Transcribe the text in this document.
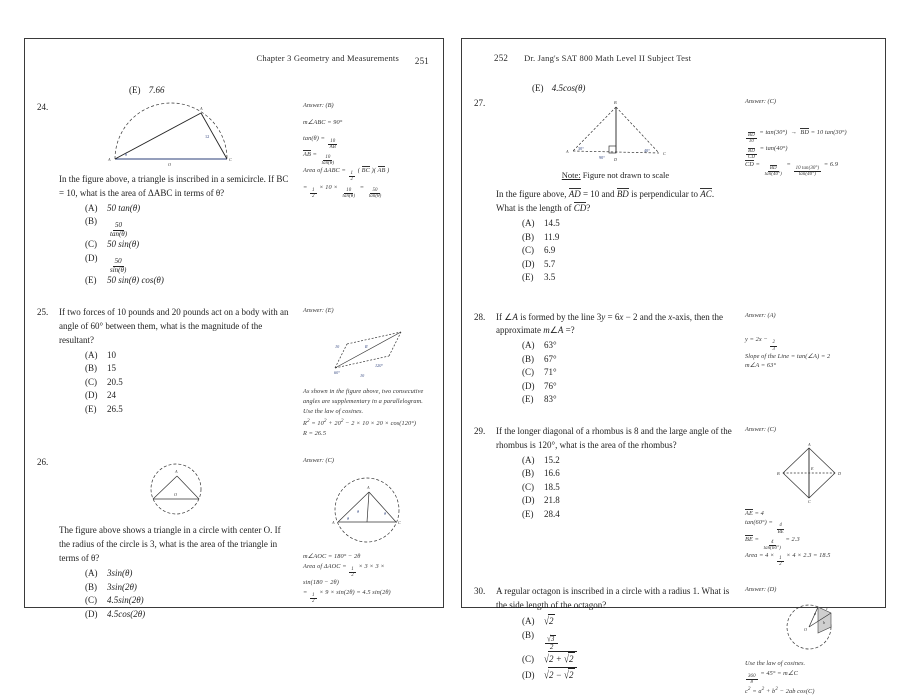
Chapter 3 Geometry and Measurements 251
(E) 7.66
24.
A
A
C
O
θ
12

In the figure above, a triangle is inscribed in a semicircle. If BC = 10, what is the area of ΔABC in terms of θ?

(A)	50 tan(θ)
(B)
$\frac{50}{\tan(\theta)}$
(C)	50 sin(θ)
(D)
$\frac{50}{\sin(\theta)}$
(E)	50 sin(θ) cos(θ)
Answer: (B)
m∠ABC = 90°
tan(θ) =
$\frac{10}{AB}$
AB =
$\frac{10}{\tan(\theta)}$
Area of ΔABC =
$\frac{1}{2}$
( BC )( AB )
=
$\frac{1}{2}$
× 10 ×
$\frac{10}{\tan(\theta)}$
=
$\frac{50}{\tan(\theta)}$
25.	If two forces of 10 pounds and 20 pounds act on a body with an angle of 60° between them, what is the magnitude of the resultant?

(A)	10
(B)	15
(C)	20.5
(D)	24
(E)	26.5
Answer: (E)
10	R
60°
120°
10
As shown in the figure above, two consecutive angles are supplementary in a parallelogram.
Use the law of cosines.
$R^2 = 10^2 + 20^2 - 2 \times 10 \times 20 \times \cos(120^\circ)$
R = 26.5
26.
A
O

The figure above shows a triangle in a circle with center O. If the radius of the circle is 3, what is the area of the triangle in terms of θ?

(A)	3sin(θ)
(B)	3sin(2θ)
(C)	4.5sin(2θ)
(D)	4.5cos(2θ)
Answer: (C)
A
A	C
θ
θ	θ
m∠AOC = 180° − 2θ
Area of ΔAOC =
$\frac{1}{2}$
× 3 × 3 ×
sin(180 − 2θ)
=
$\frac{1}{2}$
× 9 × sin(2θ) = 4.5 sin(2θ)
252 Dr. Jang's SAT 800 Math Level II Subject Test
(E) 4.5cos(θ)
27.	B
A	C
D
30°	40°
90°
Note: Figure not drawn to scale

In the figure above, AD = 10 and BD is perpendicular to AC. What is the length of CD?

(A)	14.5
(B)	11.9
(C)	6.9
(D)	5.7
(E)	3.5
Answer: (C)
$\frac{BD}{10}$
= tan(30°)  →  BD = 10 tan(30°)
$\frac{BD}{CD}$
= tan(40°)
CD =
$\frac{BD}{\tan(40^\circ)}$
=
$\frac{10 \tan(30^\circ)}{\tan(40^\circ)}$
= 6.9
28.	If ∠A is formed by the line 3y = 6x − 2 and the x-axis, then the approximate m∠A =?

(A)	63°
(B)	67°
(C)	71°
(D)	76°
(E)	83°
Answer: (A)
y = 2x −
$\frac{2}{3}$
Slope of the Line = tan(∠A) = 2
m∠A = 63°
29.	If the longer diagonal of a rhombus is 8 and the large angle of the rhombus is 120°, what is the area of the rhombus?

(A)	15.2
(B)	16.6
(C)	18.5
(D)	21.8
(E)	28.4
Answer: (C)
A
B	D
C
E
AE = 4
tan(60°) =
$\frac{4}{BE}$
BE =
$\frac{4}{\tan(60^\circ)}$
= 2.3
Area = 4 ×
$\frac{1}{2}$
× 4 × 2.3 = 18.5
30.	A regular octagon is inscribed in a circle with a radius 1. What is the side length of the octagon?

(A)	√2
(B)	$\frac{√3}{2}$
(C)	√2 + √2
(D)	√2 − √2
Answer: (D)
a
c
b
O
Use the law of cosines.
$\frac{360}{8}$
= 45° = m∠C
$c^2 = a^2 + b^2 - 2ab$ cos(C)
